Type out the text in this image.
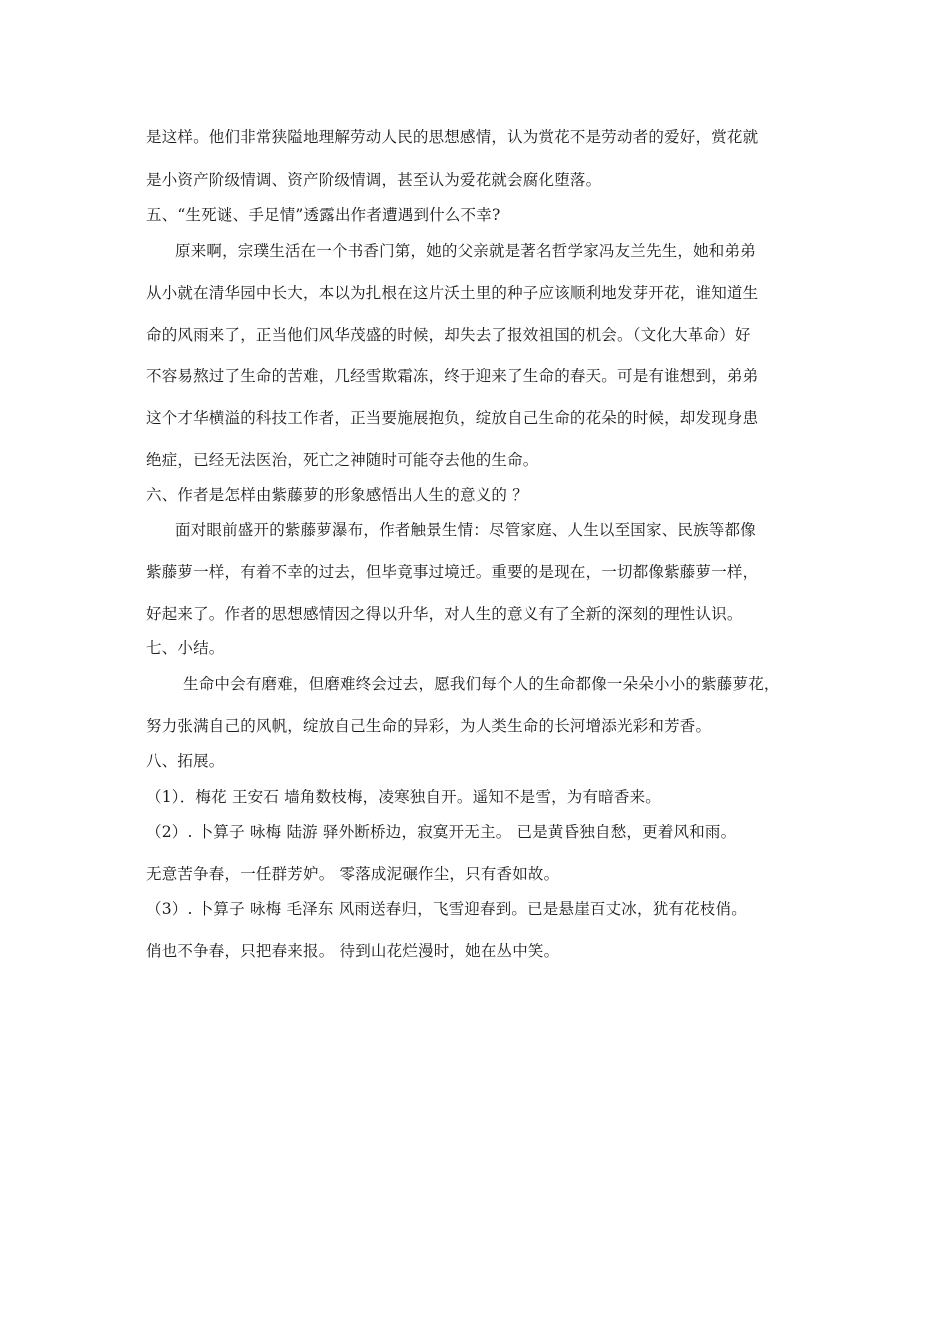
是这样。他们非常狭隘地理解劳动人民的思想感情，认为赏花不是劳动者的爱好，赏花就
是小资产阶级情调、资产阶级情调，甚至认为爱花就会腐化堕落。
五、“生死谜、手足情”透露出作者遭遇到什么不幸?
原来啊，宗璞生活在一个书香门第，她的父亲就是著名哲学家冯友兰先生，她和弟弟
从小就在清华园中长大，本以为扎根在这片沃土里的种子应该顺利地发芽开花，谁知道生
命的风雨来了，正当他们风华茂盛的时候，却失去了报效祖国的机会。（文化大革命）好
不容易熬过了生命的苦难，几经雪欺霜冻，终于迎来了生命的春天。可是有谁想到，弟弟
这个才华横溢的科技工作者，正当要施展抱负，绽放自己生命的花朵的时候，却发现身患
绝症，已经无法医治，死亡之神随时可能夺去他的生命。
六、作者是怎样由紫藤萝的形象感悟出人生的意义的 ？
面对眼前盛开的紫藤萝瀑布，作者触景生情：尽管家庭、人生以至国家、民族等都像
紫藤萝一样，有着不幸的过去，但毕竟事过境迁。重要的是现在，一切都像紫藤萝一样，
好起来了。作者的思想感情因之得以升华，对人生的意义有了全新的深刻的理性认识。
七、小结。
生命中会有磨难，但磨难终会过去，愿我们每个人的生命都像一朵朵小小的紫藤萝花，
努力张满自己的风帆，绽放自己生命的异彩，为人类生命的长河增添光彩和芳香。
八、拓展。
（1）．梅花 王安石 墙角数枝梅，凌寒独自开。遥知不是雪，为有暗香来。
（2）. 卜算子 咏梅 陆游 驿外断桥边，寂寞开无主。 已是黄昏独自愁，更着风和雨。
无意苦争春，一任群芳妒。 零落成泥碾作尘，只有香如故。
（3）. 卜算子 咏梅 毛泽东 风雨送春归，飞雪迎春到。已是悬崖百丈冰，犹有花枝俏。
俏也不争春，只把春来报。 待到山花烂漫时，她在丛中笑。
